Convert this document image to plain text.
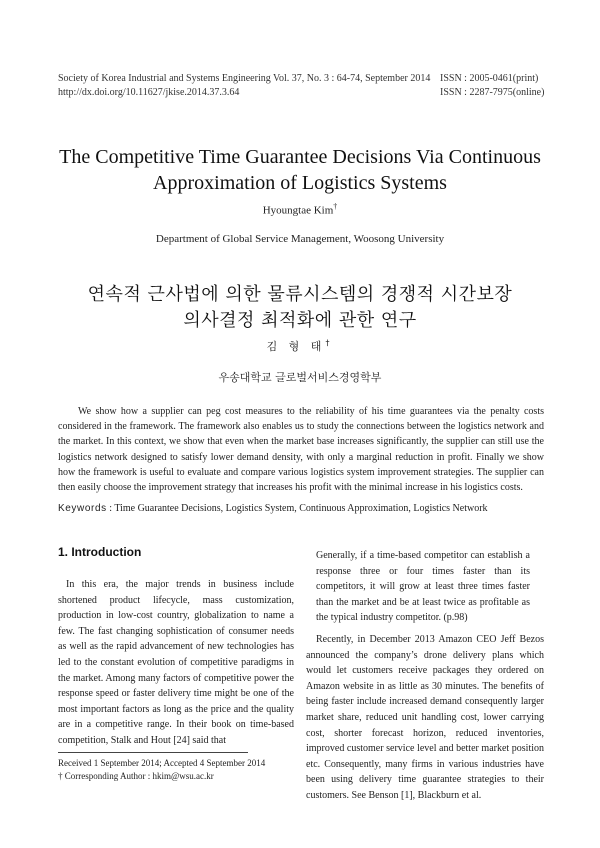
Society of Korea Industrial and Systems Engineering Vol. 37, No. 3 : 64-74, September 2014
http://dx.doi.org/10.11627/jkise.2014.37.3.64
ISSN : 2005-0461(print)
ISSN : 2287-7975(online)
The Competitive Time Guarantee Decisions Via Continuous
Approximation of Logistics Systems
Hyoungtae Kim†
Department of Global Service Management, Woosong University
연속적 근사법에 의한 물류시스템의 경쟁적 시간보장
의사결정 최적화에 관한 연구
김 형 태†
우송대학교 글로벌서비스경영학부

We show how a supplier can peg cost measures to the reliability of his time guarantees via the penalty costs considered in the framework. The framework also enables us to study the connections between the logistics network and the market. In this context, we show that even when the market base increases significantly, the supplier can still use the logistics network designed to satisfy lower demand density, with only a marginal reduction in profit. Finally we show how the framework is useful to evaluate and compare various logistics system improvement strategies. The supplier can then easily choose the improvement strategy that increases his profit with the minimal increase in his logistics costs.

Keywords : Time Guarantee Decisions, Logistics System, Continuous Approximation, Logistics Network
1. Introduction

In this era, the major trends in business include shortened product lifecycle, mass customization, production in low-cost country, globalization to name a few. The fast changing sophistication of consumer needs as well as the rapid advancement of new technologies has led to the constant evolution of competitive paradigms in the market. Among many factors of competitive power the response speed or faster delivery time might be one of the most important factors as long as the price and the quality are in a competitive range. In their book on time-based competition, Stalk and Hout [24] said that

Generally, if a time-based competitor can establish a response three or four times faster than its competitors, it will grow at least three times faster than the market and be at least twice as profitable as the typical industry competitor. (p.98)

Recently, in December 2013 Amazon CEO Jeff Bezos announced the company’s drone delivery plans which would let customers receive packages they ordered on Amazon website in as little as 30 minutes. The benefits of being faster include increased demand consequently larger market share, reduced unit handling cost, lower carrying cost, shorter forecast horizon, reduced inventories, improved customer service level and better market position etc. Consequently, many firms in various industries have been using delivery time guarantee strategies to their customers. See Benson [1], Blackburn et al.

Received 1 September 2014; Accepted 4 September 2014
† Corresponding Author : hkim@wsu.ac.kr
